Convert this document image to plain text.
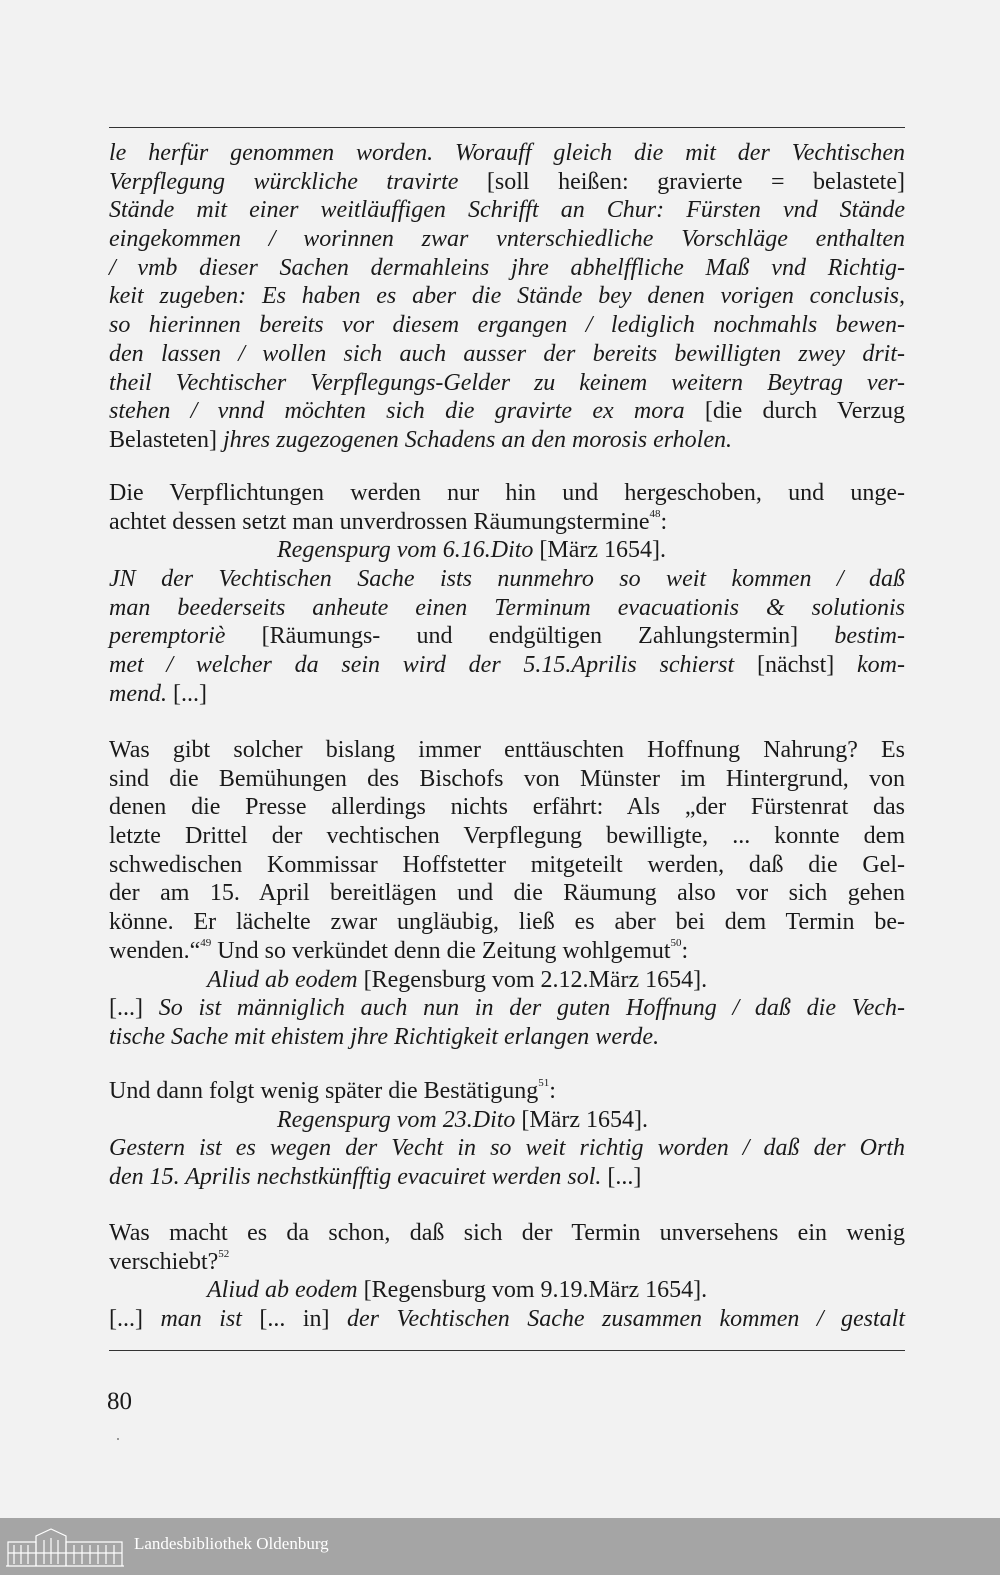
le herfür genommen worden. Worauff gleich die mit der Vechtischen
Verpflegung würckliche travirte [soll heißen: gravierte = belastete]
Stände mit einer weitläuffigen Schrifft an Chur: Fürsten vnd Stände
eingekommen / worinnen zwar vnterschiedliche Vorschläge enthalten
/ vmb dieser Sachen dermahleins jhre abhelffliche Maß vnd Richtig-
keit zugeben: Es haben es aber die Stände bey denen vorigen conclusis,
so hierinnen bereits vor diesem ergangen / lediglich nochmahls bewen-
den lassen / wollen sich auch ausser der bereits bewilligten zwey drit-
theil Vechtischer Verpflegungs-Gelder zu keinem weitern Beytrag ver-
stehen / vnnd möchten sich die gravirte ex mora [die durch Verzug
Belasteten] jhres zugezogenen Schadens an den morosis erholen.
Die Verpflichtungen werden nur hin und hergeschoben, und unge-
achtet dessen setzt man unverdrossen Räumungstermine$^{48}$:
Regenspurg vom 6.16.Dito [März 1654].
JN der Vechtischen Sache ists nunmehro so weit kommen / daß
man beederseits anheute einen Terminum evacuationis & solutionis
peremptoriè [Räumungs- und endgültigen Zahlungstermin] bestim-
met / welcher da sein wird der 5.15.Aprilis schierst [nächst] kom-
mend. [...]
Was gibt solcher bislang immer enttäuschten Hoffnung Nahrung? Es
sind die Bemühungen des Bischofs von Münster im Hintergrund, von
denen die Presse allerdings nichts erfährt: Als „der Fürstenrat das
letzte Drittel der vechtischen Verpflegung bewilligte, ... konnte dem
schwedischen Kommissar Hoffstetter mitgeteilt werden, daß die Gel-
der am 15. April bereitlägen und die Räumung also vor sich gehen
könne. Er lächelte zwar ungläubig, ließ es aber bei dem Termin be-
wenden.“$^{49}$ Und so verkündet denn die Zeitung wohlgemut$^{50}$:
Aliud ab eodem [Regensburg vom 2.12.März 1654].
[...] So ist männiglich auch nun in der guten Hoffnung / daß die Vech-
tische Sache mit ehistem jhre Richtigkeit erlangen werde.
Und dann folgt wenig später die Bestätigung$^{51}$:
Regenspurg vom 23.Dito [März 1654].
Gestern ist es wegen der Vecht in so weit richtig worden / daß der Orth
den 15. Aprilis nechstkünfftig evacuiret werden sol. [...]
Was macht es da schon, daß sich der Termin unversehens ein wenig
verschiebt?$^{52}$
Aliud ab eodem [Regensburg vom 9.19.März 1654].
[...] man ist [... in] der Vechtischen Sache zusammen kommen / gestalt
80
Landesbibliothek Oldenburg
